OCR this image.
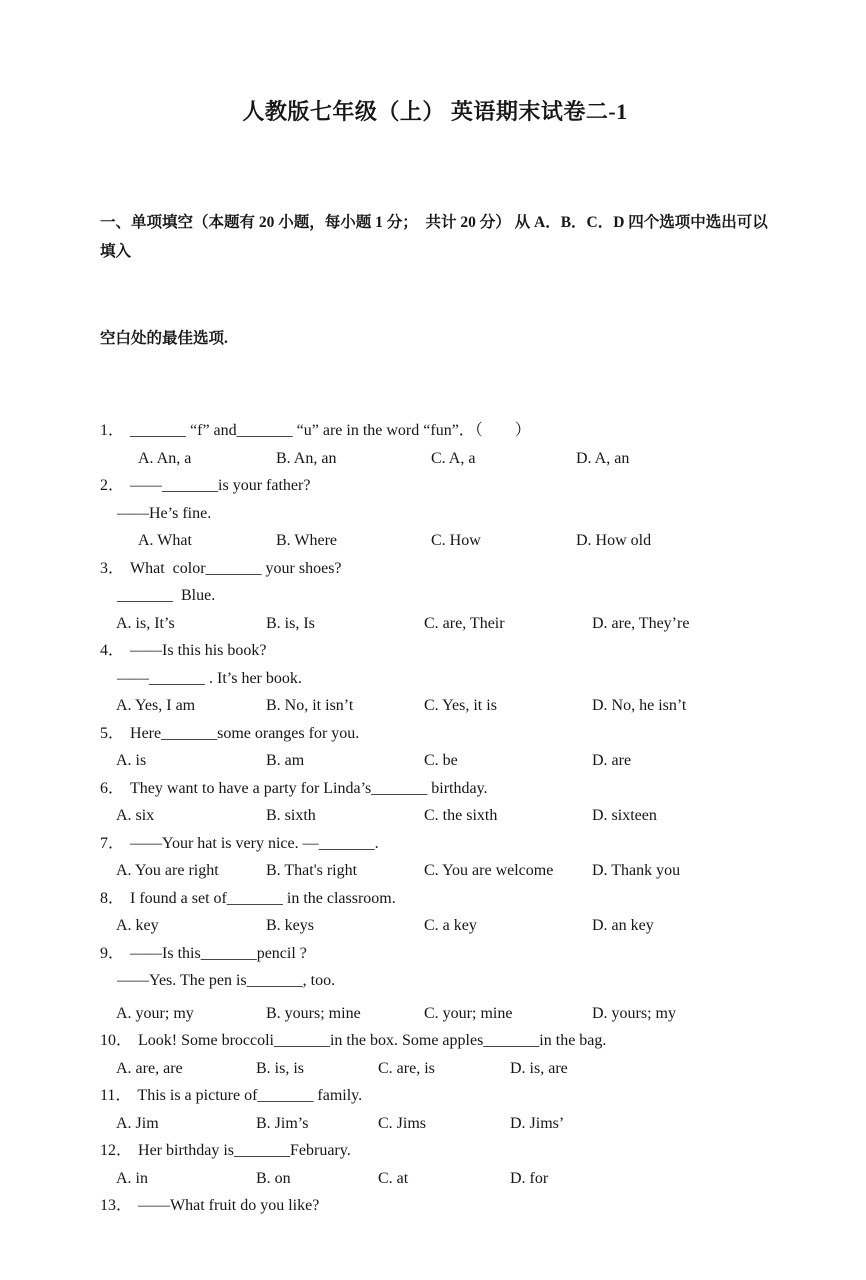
人教版七年级（上） 英语期末试卷二-1

一、单项填空（本题有 20 小题，每小题 1 分；  共计 20 分） 从 A．B．C．D 四个选项中选出可以填入

空白处的最佳选项.

1． _______ “f” and_______ “u” are in the word “fun”．（　　）
A. An, a	B. An, an	C. A, a	D. A, an
2． ——_______is your father?
——He’s fine.
A. What	B. Where	C. How	D. How old
3． What  color_______ your shoes?
_______  Blue.
A. is, It’s	B. is, Is	C. are, Their	D. are, They’re
4． ——Is this his book?
——_______ . It’s her book.
A. Yes, I am	B. No, it isn’t	C. Yes, it is	D. No, he isn’t
5． Here_______some oranges for you.
A. is	B. am	C. be	D. are
6． They want to have a party for Linda’s_______ birthday.
A. six	B. sixth	C. the sixth	D. sixteen
7． ——Your hat is very nice. —_______.
A. You are right	B. That's right	C. You are welcome	D. Thank you
8． I found a set of_______ in the classroom.
A. key	B. keys	C. a key	D. an key
9． ——Is this_______pencil ?
——Yes. The pen is_______, too.
A. your; my	B. yours; mine	C. your; mine	D. yours; my
10． Look! Some broccoli_______in the box. Some apples_______in the bag.
A. are, are	B. is, is	C. are, is	D. is, are
11． This is a picture of_______ family.
A. Jim	B. Jim’s	C. Jims	D. Jims’
12． Her birthday is_______February.
A. in	B. on	C. at	D. for
13． ——What fruit do you like?
